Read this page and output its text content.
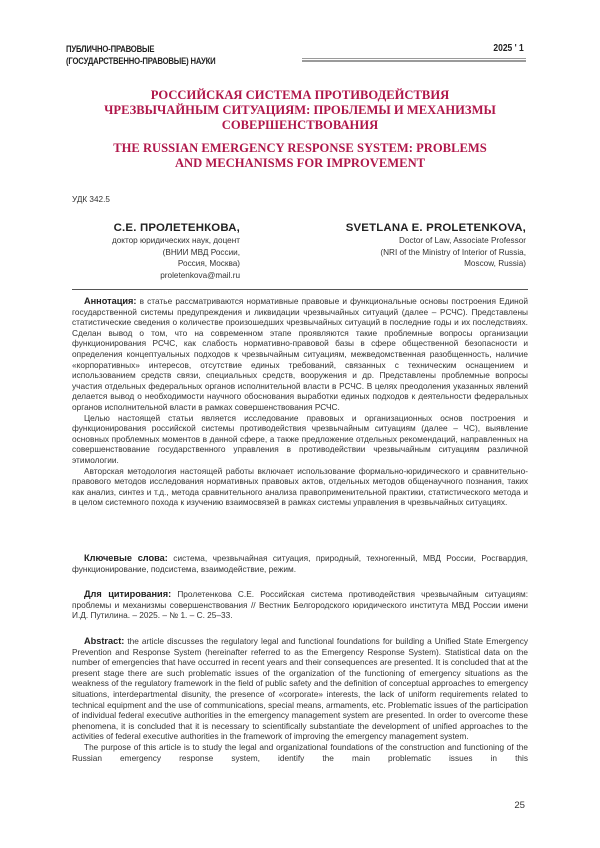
ПУБЛИЧНО-ПРАВОВЫЕ
(ГОСУДАРСТВЕННО-ПРАВОВЫЕ) НАУКИ
2025 ' 1
РОССИЙСКАЯ СИСТЕМА ПРОТИВОДЕЙСТВИЯ
ЧРЕЗВЫЧАЙНЫМ СИТУАЦИЯМ: ПРОБЛЕМЫ И МЕХАНИЗМЫ
СОВЕРШЕНСТВОВАНИЯ
THE RUSSIAN EMERGENCY RESPONSE SYSTEM: PROBLEMS
AND MECHANISMS FOR IMPROVEMENT
УДК 342.5
С.Е. ПРОЛЕТЕНКОВА,
доктор юридических наук, доцент
(ВНИИ МВД России,
Россия, Москва)
proletenkova@mail.ru
SVETLANA E. PROLETENKOVA,
Doctor of Law, Associate Professor
(NRI of the Ministry of Interior of Russia,
Moscow, Russia)

Аннотация: в статье рассматриваются нормативные правовые и функциональные основы построения Единой государственной системы предупреждения и ликвидации чрезвычайных ситуаций (далее – РСЧС). Представлены статистические сведения о количестве произошедших чрезвычайных ситуаций в последние годы и их последствиях. Сделан вывод о том, что на современном этапе проявляются такие проблемные вопросы организации функционирования РСЧС, как слабость нормативно-правовой базы в сфере общественной безопасности и определения концептуальных подходов к чрезвычайным ситуациям, межведомственная разобщенность, наличие «корпоративных» интересов, отсутствие единых требований, связанных с техническим оснащением и использованием средств связи, специальных средств, вооружения и др. Представлены проблемные вопросы участия отдельных федеральных органов исполнительной власти в РСЧС. В целях преодоления указанных явлений делается вывод о необходимости научного обоснования выработки единых подходов к деятельности федеральных органов исполнительной власти в рамках совершенствования РСЧС.

Целью настоящей статьи является исследование правовых и организационных основ построения и функционирования российской системы противодействия чрезвычайным ситуациям (далее – ЧС), выявление основных проблемных моментов в данной сфере, а также предложение отдельных рекомендаций, направленных на совершенствование государственного управления в противодействии чрезвычайным ситуациям различной этимологии.

Авторская методология настоящей работы включает использование формально-юридического и сравнительно-правового методов исследования нормативных правовых актов, отдельных методов общенаучного познания, таких как анализ, синтез и т.д., метода сравнительного анализа правоприменительной практики, статистического метода и в целом системного похода к изучению взаимосвязей в рамках системы управления в чрезвычайных ситуациях.

Ключевые слова: система, чрезвычайная ситуация, природный, техногенный, МВД России, Росгвардия, функционирование, подсистема, взаимодействие, режим.

Для цитирования: Пролетенкова С.Е. Российская система противодействия чрезвычайным ситуациям: проблемы и механизмы совершенствования // Вестник Белгородского юридического института МВД России имени И.Д. Путилина. – 2025. – № 1. – С. 25–33.

Abstract: the article discusses the regulatory legal and functional foundations for building a Unified State Emergency Prevention and Response System (hereinafter referred to as the Emergency Response System). Statistical data on the number of emergencies that have occurred in recent years and their consequences are presented. It is concluded that at the present stage there are such problematic issues of the organization of the functioning of emergency situations as the weakness of the regulatory framework in the field of public safety and the definition of conceptual approaches to emergency situations, interdepartmental disunity, the presence of «corporate» interests, the lack of uniform requirements related to technical equipment and the use of communications, special means, armaments, etc. Problematic issues of the participation of individual federal executive authorities in the emergency management system are presented. In order to overcome these phenomena, it is concluded that it is necessary to scientifically substantiate the development of unified approaches to the activities of federal executive authorities in the framework of improving the emergency management system.

The purpose of this article is to study the legal and organizational foundations of the construction and functioning of the Russian emergency response system, identify the main problematic issues in this

25
